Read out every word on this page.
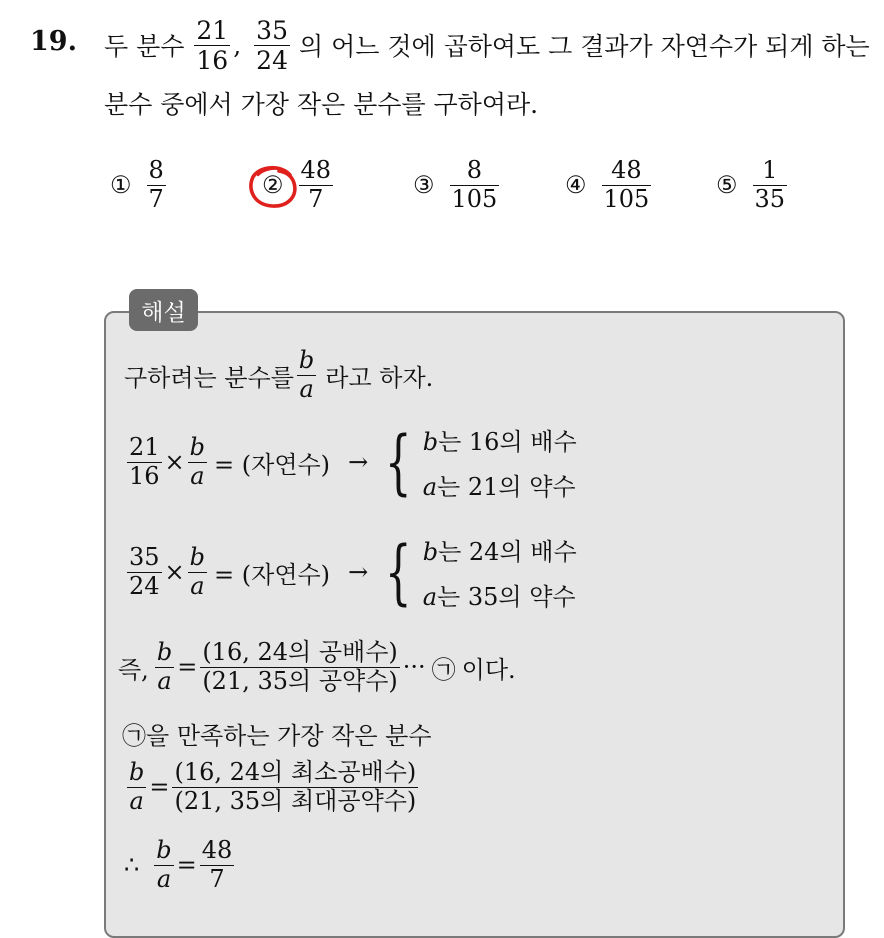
19. 두 분수 $\frac{21}{16}$ , $\frac{35}{24}$ 의 어느 것에 곱하여도 그 결과가 자연수가 되게 하는
분수 중에서 가장 작은 분수를 구하여라.
① $\frac{8}{7}$	② $\frac{48}{7}$	③ $\frac{8}{105}$	④ $\frac{48}{105}$	⑤ $\frac{1}{35}$
해설
구하려는 분수를 $\frac{b}{a}$ 라고 하자.
$\frac{21}{16} \times \frac{b}{a}$ = (자연수) → { b는 16의 배수
a는 21의 약수
$\frac{35}{24} \times \frac{b}{a}$ = (자연수) → { b는 24의 배수
a는 35의 약수
즉, $\frac{b}{a} = \frac{\text{(16, 24의 공배수)}}{\text{(21, 35의 공약수)}}$ ··· ㉠ 이다.
㉠ 을 만족하는 가장 작은 분수
$\frac{b}{a} = \frac{\text{(16, 24의 최소공배수)}}{\text{(21, 35의 최대공약수)}}$
∴ $\frac{b}{a} = \frac{48}{7}$
